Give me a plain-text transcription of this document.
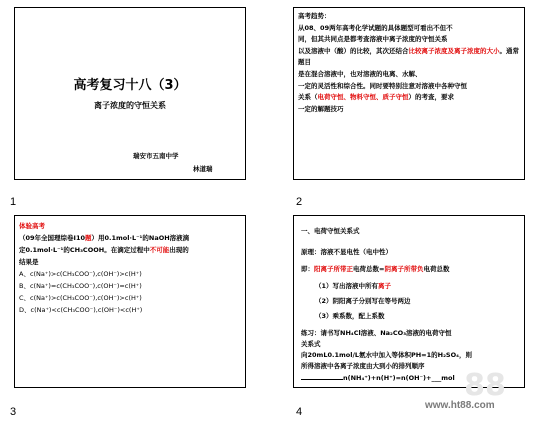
高考复习十八（3）
离子浓度的守恒关系
瑞安市五南中学
林道瑞
1
高考趋势：
从08、09两年高考化学试题的具体题型可看出不但不
同，但其共同点是都考查溶液中离子浓度的守恒关系
以及溶液中（酸）的比较，其次还结合比较离子浓度及离子浓度的大小。通常题目
是在混合溶液中，也对溶液的电离、水解、
一定的灵活性和综合性。同时要特别注意对溶液中各种守恒
关系（电荷守恒、物料守恒、质子守恒）的考查，要求
一定的解题技巧
2
体验高考
（09年全国理综卷Ⅰ10题）用0.1mol·L⁻¹的NaOH溶液滴
定0.1mol·L⁻¹的CH₃COOH。在滴定过程中不可能出现的
结果是
A、c(Na⁺)>c(CH₃COO⁻),c(OH⁻)>c(H⁺)
B、c(Na⁺)=c(CH₃COO⁻),c(OH⁻)=c(H⁺)
C、c(Na⁺)>c(CH₃COO⁻),c(OH⁻)>c(H⁺)
D、c(Na⁺)<c(CH₃COO⁻),c(OH⁻)<c(H⁺)
3
一、电荷守恒关系式
原理：溶液不显电性（电中性）
即：阳离子所带正电荷总数=阴离子所带负电荷总数
（1）写出溶液中所有离子
（2）阴阳离子分别写在等号两边
（3）乘系数，配上系数
练习：请书写NH₄Cl溶液、Na₂CO₃溶液的电荷守恒
关系式
向20mL0.1mol/L氨水中加入等体积PH=1的H₂SO₄，则
所得溶液中各离子浓度由大到小的排列顺序
n(NH₄⁺)+n(H⁺)=n(OH⁻)+___mol
4
88
www.ht88.com
